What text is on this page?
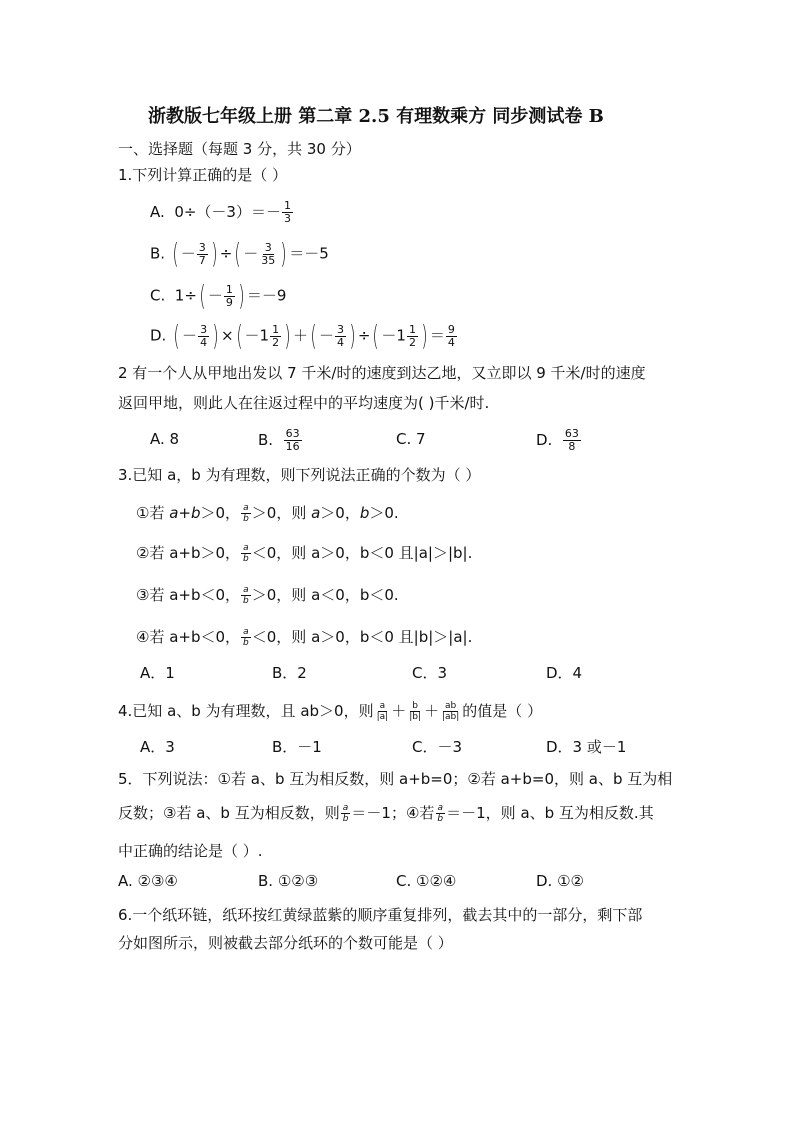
浙教版七年级上册 第二章 2.5 有理数乘方 同步测试卷 B
一、选择题（每题 3 分，共 30 分）
1.下列计算正确的是（ ）
A. $0\div(-3)=- \frac{1}{3}$
B. ( － $\frac{3}{7}$ ) ÷( － $\frac{3}{35}$ ) ＝－5
C. $1\div( - \frac{1}{9}$ ) ＝－9
D. ( － $\frac{3}{4}$ ) ×( $-1 \frac{1}{2}$ ) ＋( － $\frac{3}{4}$ ) ÷( $-1 \frac{1}{2}$ ) ＝ $\frac{9}{4}$
2 有一个人从甲地出发以 7 千米/时的速度到达乙地，又立即以 9 千米/时的速度
返回甲地，则此人在往返过程中的平均速度为( )千米/时.
A. 8	B. $\frac{63}{16}$	C. 7	D. $\frac{63}{8}$
3.已知 a，b 为有理数，则下列说法正确的个数为（ ）
①若 a+b＞0， $\frac{a}{b} >0$，则 a＞0，b＞0.
②若 a+b＞0， $\frac{a}{b} <0$，则 a＞0，b＜0 且|a|＞|b|.
③若 a+b＜0， $\frac{a}{b} >0$，则 a＜0，b＜0.
④若 a+b＜0， $\frac{a}{b} <0$，则 a＞0，b＜0 且|b|＞|a|.
A．1	B．2	C．3	D．4
4.已知 a、b 为有理数，且 ab＞0，则 $\frac{a}{|a|} + \frac{b}{|b|} + \frac{ab}{|ab|}$ 的值是（ ）
A．3	B．－1	C．－3	D．3 或－1
5．下列说法：①若 a、b 互为相反数，则 a+b=0；②若 a+b=0，则 a、b 互为相
反数；③若 a、b 互为相反数，则 $\frac{a}{b} =-1$；④若 $\frac{a}{b} =-1$，则 a、b 互为相反数.其
中正确的结论是（ ）.
A. ②③④	B. ①②③	C. ①②④	D. ①②
6.一个纸环链，纸环按红黄绿蓝紫的顺序重复排列，截去其中的一部分，剩下部
分如图所示，则被截去部分纸环的个数可能是（ ）
